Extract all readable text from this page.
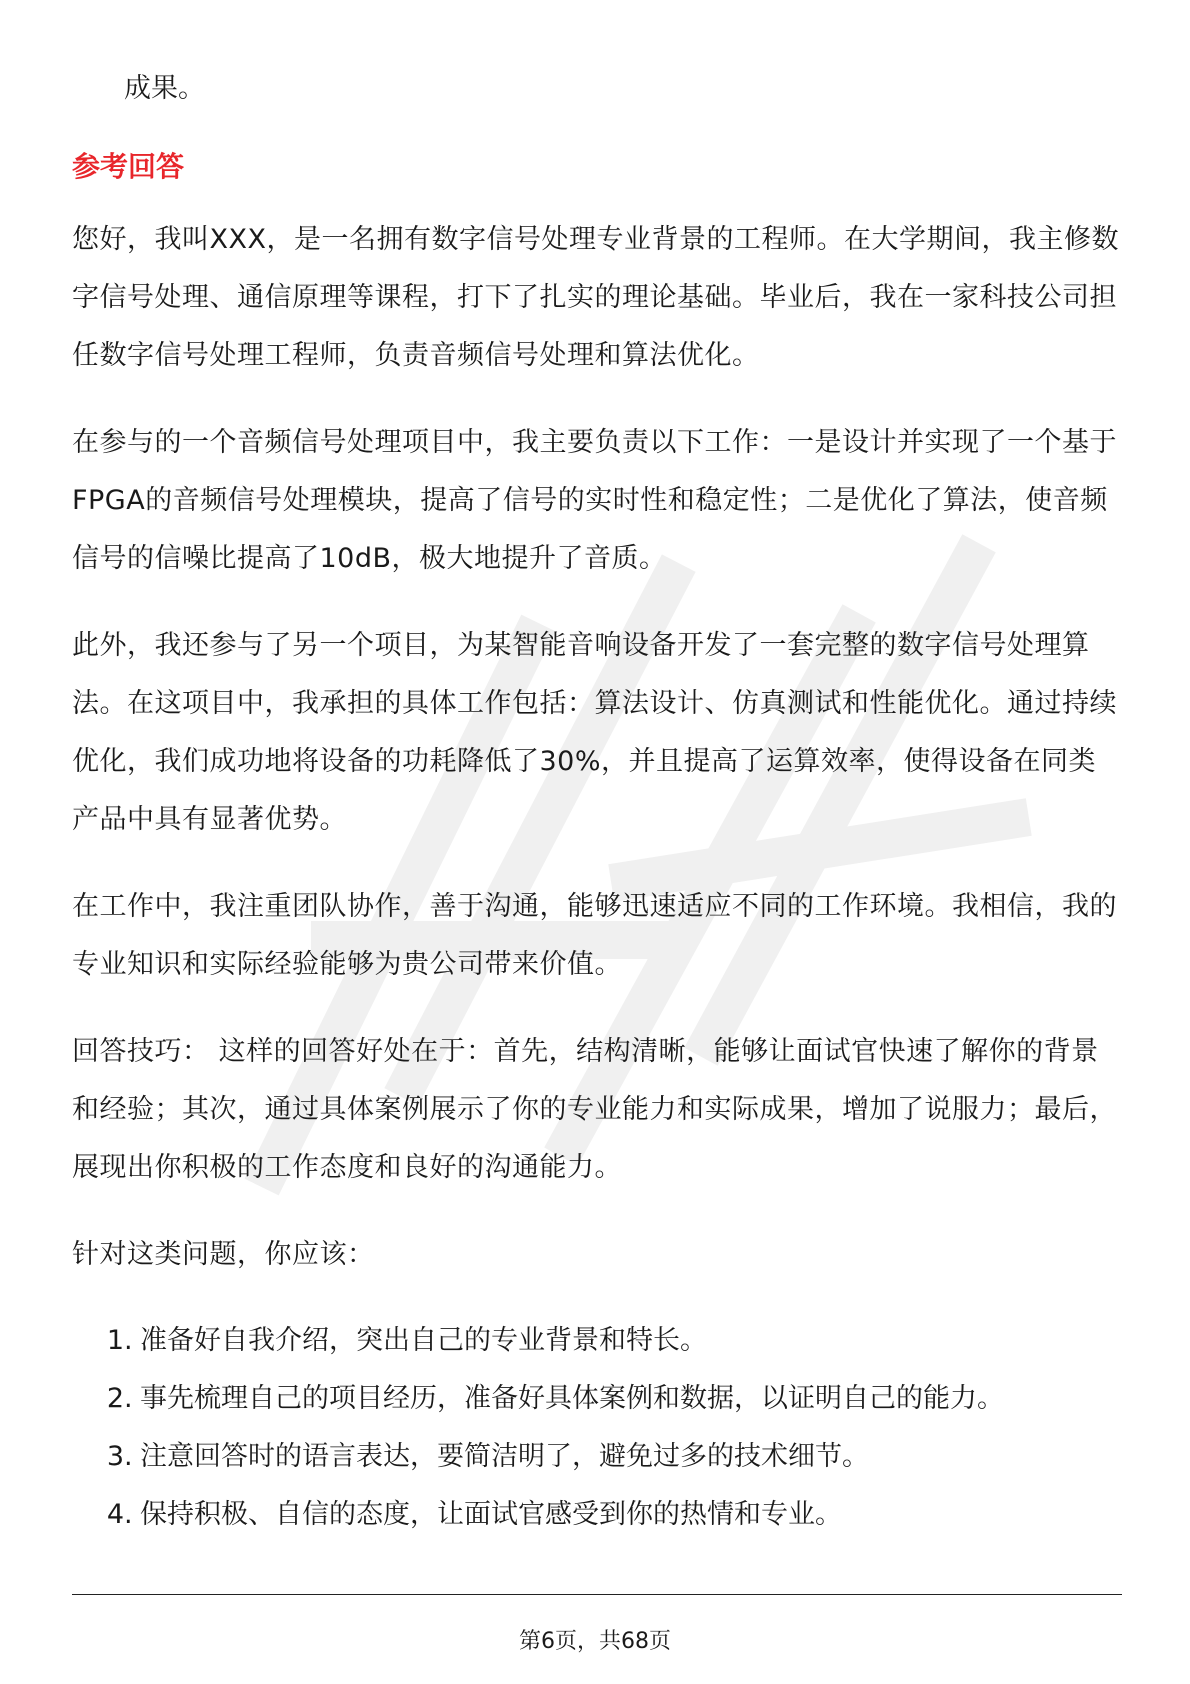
成果。

参考回答

您好，我叫XXX，是一名拥有数字信号处理专业背景的工程师。在大学期间，我主修数字信号处理、通信原理等课程，打下了扎实的理论基础。毕业后，我在一家科技公司担任数字信号处理工程师，负责音频信号处理和算法优化。

在参与的一个音频信号处理项目中，我主要负责以下工作：一是设计并实现了一个基于FPGA的音频信号处理模块，提高了信号的实时性和稳定性；二是优化了算法，使音频信号的信噪比提高了10dB，极大地提升了音质。

此外，我还参与了另一个项目，为某智能音响设备开发了一套完整的数字信号处理算法。在这项目中，我承担的具体工作包括：算法设计、仿真测试和性能优化。通过持续优化，我们成功地将设备的功耗降低了30%，并且提高了运算效率，使得设备在同类产品中具有显著优势。

在工作中，我注重团队协作，善于沟通，能够迅速适应不同的工作环境。我相信，我的专业知识和实际经验能够为贵公司带来价值。

回答技巧： 这样的回答好处在于：首先，结构清晰，能够让面试官快速了解你的背景和经验；其次，通过具体案例展示了你的专业能力和实际成果，增加了说服力；最后，展现出你积极的工作态度和良好的沟通能力。

针对这类问题，你应该：

1 . 准备好自我介绍，突出自己的专业背景和特长。
2 . 事先梳理自己的项目经历，准备好具体案例和数据，以证明自己的能力。
3 . 注意回答时的语言表达，要简洁明了，避免过多的技术细节。
4 . 保持积极、自信的态度，让面试官感受到你的热情和专业。
第6页，共68页
